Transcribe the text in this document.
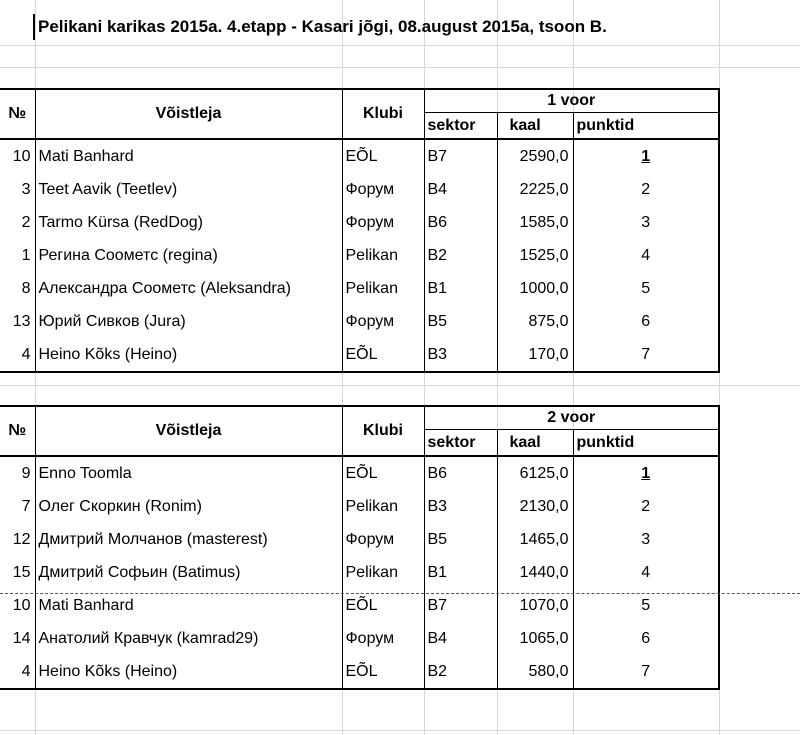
Pelikani karikas 2015a. 4.etapp - Kasari jõgi, 08.august 2015a, tsoon B.
№	Võistleja	Klubi	1 voor		
			sektor	kaal	punktid
10	Mati Banhard	EÕL	B7	2590,0	1
3	Teet Aavik (Teetlev)	Форум	B4	2225,0	2
2	Tarmo Kürsa (RedDog)	Форум	B6	1585,0	3
1	Регина Соометс (regina)	Pelikan	B2	1525,0	4
8	Александра Соометс (Aleksandra)	Pelikan	B1	1000,0	5
13	Юрий Сивков (Jura)	Форум	B5	875,0	6
4	Heino Kõks (Heino)	EÕL	B3	170,0	7
№	Võistleja	Klubi	2 voor		
			sektor	kaal	punktid
9	Enno Toomla	EÕL	B6	6125,0	1
7	Олег Скоркин (Ronim)	Pelikan	B3	2130,0	2
12	Дмитрий Молчанов (masterest)	Форум	B5	1465,0	3
15	Дмитрий Софьин (Batimus)	Pelikan	B1	1440,0	4
10	Mati Banhard	EÕL	B7	1070,0	5
14	Анатолий Кравчук (kamrad29)	Форум	B4	1065,0	6
4	Heino Kõks (Heino)	EÕL	B2	580,0	7
